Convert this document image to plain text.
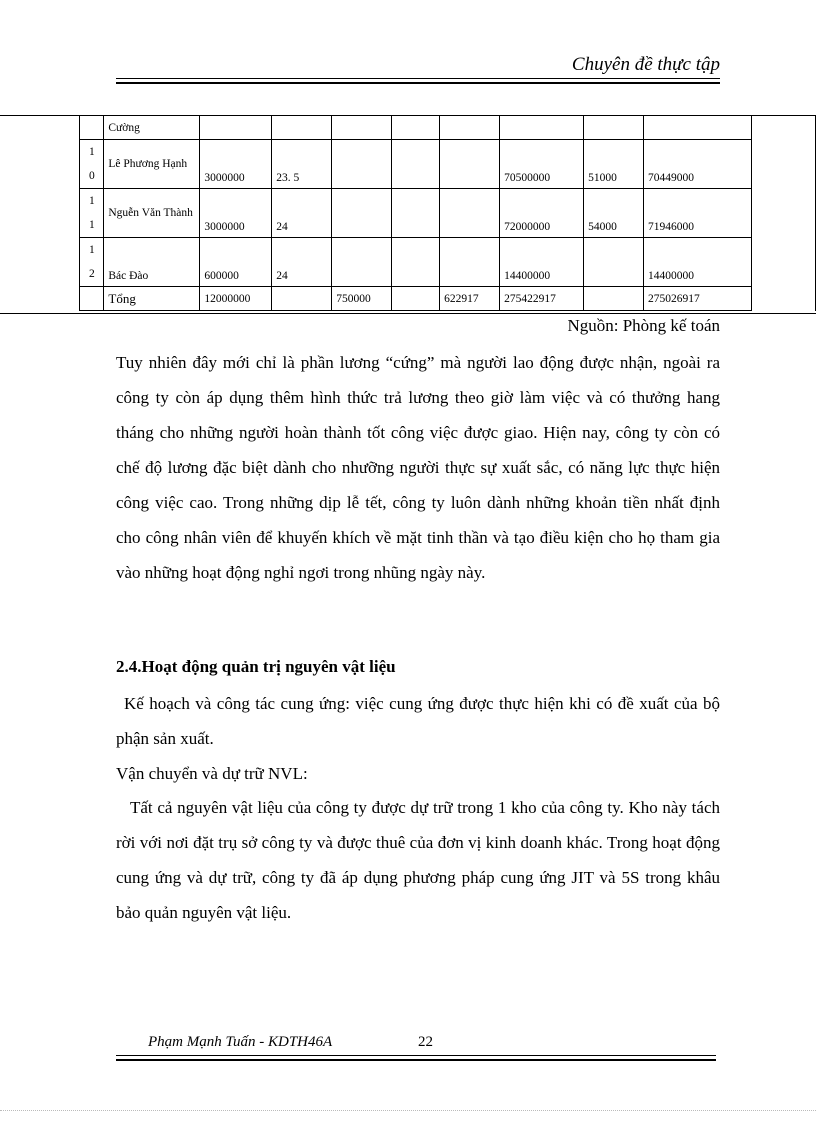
Chuyên đề thực tập
		Cường									
	1 0	Lê Phương Hạnh	3000000	23. 5				70500000	51000	70449000	
	1 1	Nguễn Văn Thành	3000000	24				72000000	54000	71946000	
	1 2	Bác Đào	600000	24				14400000		14400000	
		Tổng	12000000		750000		622917	275422917		275026917	
Nguồn: Phòng kế toán
Tuy nhiên đây mới chỉ là phần lương “cứng” mà người lao động được nhận, ngoài ra công ty còn áp dụng thêm hình thức trả lương theo giờ làm việc và có thưởng hang tháng cho những người hoàn thành tốt công việc được giao. Hiện nay, công ty còn có chế độ lương đặc biệt dành cho nhưỡng người thực sự xuất sắc, có năng lực thực hiện công việc cao. Trong những dịp lễ tết, công ty luôn dành những khoản tiền nhất định cho công nhân viên để khuyến khích về mặt tinh thần và tạo điều kiện cho họ tham gia vào những hoạt động nghỉ ngơi trong nhũng ngày này.
2.4.Hoạt động quản trị nguyên vật liệu
Kế hoạch và công tác cung ứng: việc cung ứng được thực hiện khi có đề xuất của bộ phận sản xuất.
Vận chuyển và dự trữ NVL:
Tất cả nguyên vật liệu của công ty được dự trữ trong 1 kho của công ty. Kho này tách rời với nơi đặt trụ sở công ty và được thuê của đơn vị kinh doanh khác. Trong hoạt động cung ứng và dự trữ, công ty đã áp dụng phương pháp cung ứng JIT và 5S trong khâu bảo quản nguyên vật liệu.
Phạm Mạnh Tuấn - KDTH46A	22
